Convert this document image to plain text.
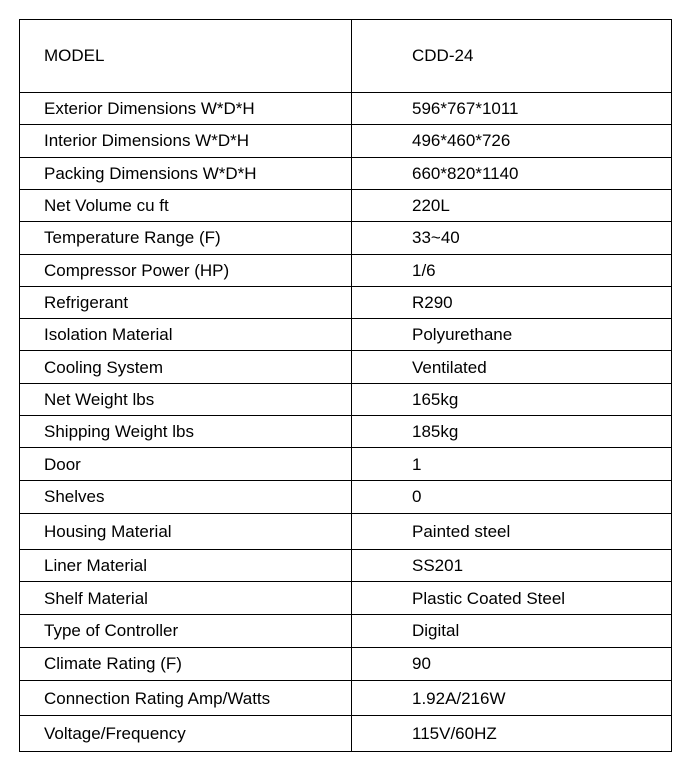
MODEL	CDD-24
Exterior Dimensions W*D*H	596*767*1011
Interior Dimensions W*D*H	496*460*726
Packing Dimensions W*D*H	660*820*1140
Net Volume cu ft	220L
Temperature Range (F)	33~40
Compressor Power (HP)	1/6
Refrigerant	R290
Isolation Material	Polyurethane
Cooling System	Ventilated
Net Weight lbs	165kg
Shipping Weight lbs	185kg
Door	1
Shelves	0
Housing Material	Painted steel
Liner Material	SS201
Shelf Material	Plastic Coated Steel
Type of Controller	Digital
Climate Rating (F)	90
Connection Rating Amp/Watts	1.92A/216W
Voltage/Frequency	115V/60HZ
